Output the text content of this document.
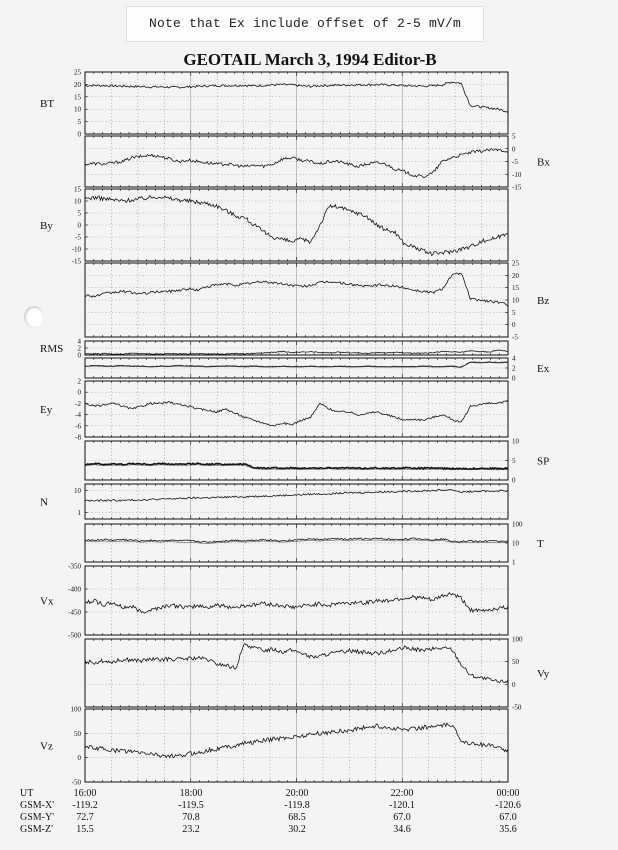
Note that Ex include offset of 2-5 mV/m
GEOTAIL March 3, 1994 Editor-B
25
20
15
10
5
0
BT
5
0
-5
-10
-15
Bx
15
10
5
0
-5
-10
-15
By
25
20
15
10
5
0
-5
Bz
4
2
0
RMS
4
2
0
Ex
2
0
-2
-4
-6
-8
Ey
10
5
0
SP
10
1
N
100
10
1
T
-350
-400
-450
-500
Vx
100
50
0
-50
Vy
100
50
0
-50
Vz
UT
GSM-X'
GSM-Y'
GSM-Z'
16:00
-119.2
72.7
15.5
18:00
-119.5
70.8
23.2
20:00
-119.8
68.5
30.2
22:00
-120.1
67.0
34.6
00:00
-120.6
67.0
35.6
